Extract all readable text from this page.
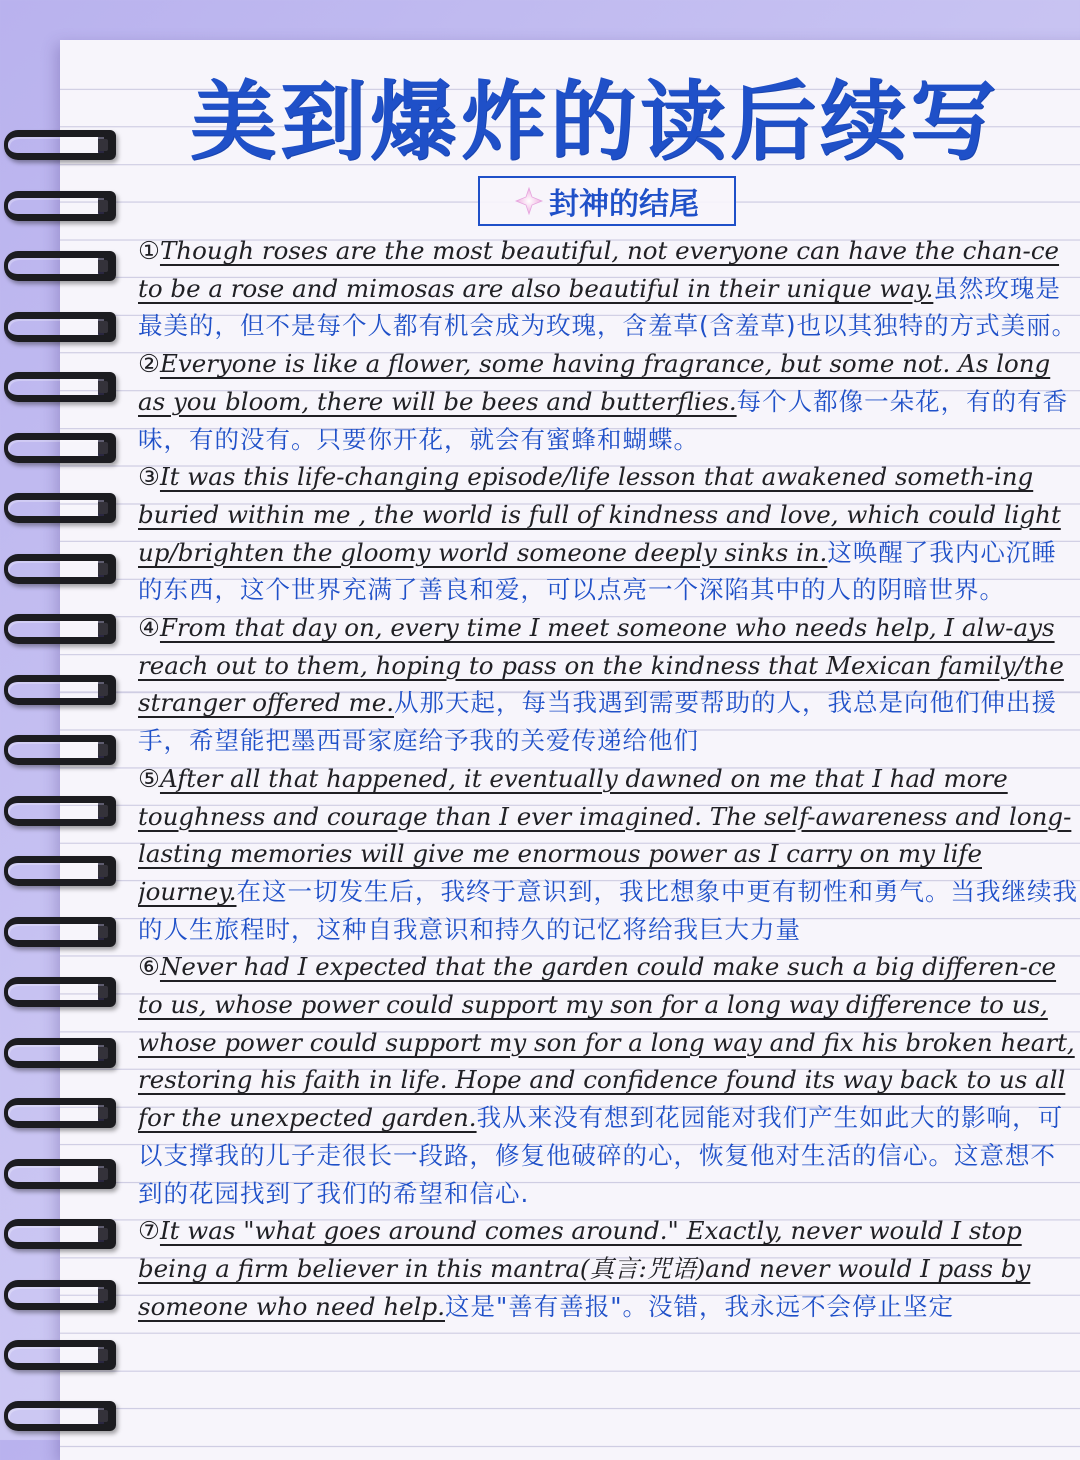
美到爆炸的读后续写
封神的结尾

①Though roses are the most beautiful, not everyone can have the chan-ce to be a rose and mimosas are also beautiful in their unique way.虽然玫瑰是最美的，但不是每个人都有机会成为玫瑰，含羞草(含羞草)也以其独特的方式美丽。

②Everyone is like a flower, some having fragrance, but some not. As long as you bloom, there will be bees and butterflies.每个人都像一朵花，有的有香味，有的没有。只要你开花，就会有蜜蜂和蝴蝶。

③It was this life-changing episode/life lesson that awakened someth-ing buried within me , the world is full of kindness and love, which could light up/brighten the gloomy world someone deeply sinks in.这唤醒了我内心沉睡的东西，这个世界充满了善良和爱，可以点亮一个深陷其中的人的阴暗世界。

④From that day on, every time I meet someone who needs help, I alw-ays reach out to them, hoping to pass on the kindness that Mexican family/the stranger offered me.从那天起，每当我遇到需要帮助的人，我总是向他们伸出援手，希望能把墨西哥家庭给予我的关爱传递给他们

⑤After all that happened, it eventually dawned on me that I had more toughness and courage than I ever imagined. The self-awareness and long-lasting memories will give me enormous power as I carry on my life journey.在这一切发生后，我终于意识到，我比想象中更有韧性和勇气。当我继续我的人生旅程时，这种自我意识和持久的记忆将给我巨大力量

⑥Never had I expected that the garden could make such a big differen-ce to us, whose power could support my son for a long way difference to us, whose power could support my son for a long way and fix his broken heart, restoring his faith in life. Hope and confidence found its way back to us all for the unexpected garden.我从来没有想到花园能对我们产生如此大的影响，可以支撑我的儿子走很长一段路，修复他破碎的心，恢复他对生活的信心。这意想不到的花园找到了我们的希望和信心.

⑦It was "what goes around comes around." Exactly, never would I stop being a firm believer in this mantra(真言:咒语)and never would I pass by someone who need help.这是"善有善报"。没错，我永远不会停止坚定
